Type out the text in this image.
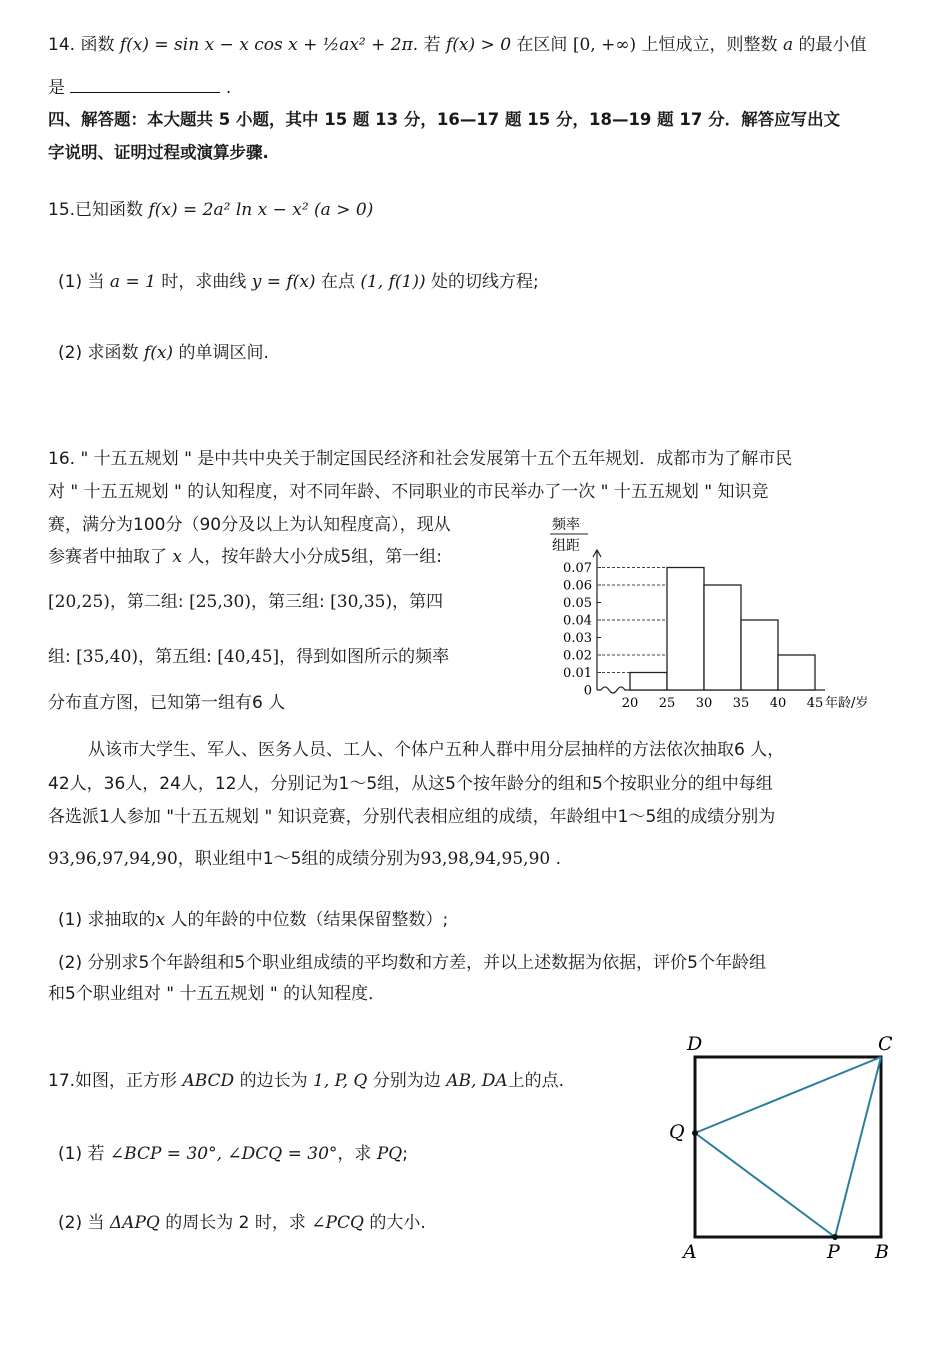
14. 函数 f(x) = sin x − x cos x + ½ax² + 2π. 若 f(x) > 0 在区间 [0, +∞) 上恒成立，则整数 a 的最小值
是	.
四、解答题：本大题共 5 小题，其中 15 题 13 分，16—17 题 15 分，18—19 题 17 分．解答应写出文
字说明、证明过程或演算步骤.
15.已知函数 f(x) = 2a² ln x − x² (a > 0)
(1) 当 a = 1 时，求曲线 y = f(x) 在点 (1, f(1)) 处的切线方程;
(2) 求函数 f(x) 的单调区间.
16. " 十五五规划 " 是中共中央关于制定国民经济和社会发展第十五个五年规划．成都市为了解市民
对 " 十五五规划 " 的认知程度，对不同年龄、不同职业的市民举办了一次 " 十五五规划 " 知识竞
赛，满分为100分（90分及以上为认知程度高），现从
参赛者中抽取了 x 人，按年龄大小分成5组，第一组:
[20,25)，第二组: [25,30)，第三组: [30,35)，第四
组: [35,40)，第五组: [40,45]，得到如图所示的频率
分布直方图，已知第一组有6 人
频率
组距
0
0.01
0.02
0.03
0.04
0.05
0.06
0.07
20 25 30 35 40 45 年龄/岁
从该市大学生、军人、医务人员、工人、个体户五种人群中用分层抽样的方法依次抽取6 人，
42人，36人，24人，12人，分别记为1～5组，从这5个按年龄分的组和5个按职业分的组中每组
各选派1人参加 "十五五规划 " 知识竞赛，分别代表相应组的成绩，年龄组中1～5组的成绩分别为
93,96,97,94,90，职业组中1～5组的成绩分别为93,98,94,95,90 .
(1) 求抽取的x 人的年龄的中位数（结果保留整数）;
(2) 分别求5个年龄组和5个职业组成绩的平均数和方差，并以上述数据为依据，评价5个年龄组
和5个职业组对 " 十五五规划 " 的认知程度．
17.如图，正方形 ABCD 的边长为 1, P, Q 分别为边 AB, DA上的点.
(1) 若 ∠BCP = 30°, ∠DCQ = 30°，求 PQ;
(2) 当 ΔAPQ 的周长为 2 时，求 ∠PCQ 的大小.
D	C
Q
A	P B
